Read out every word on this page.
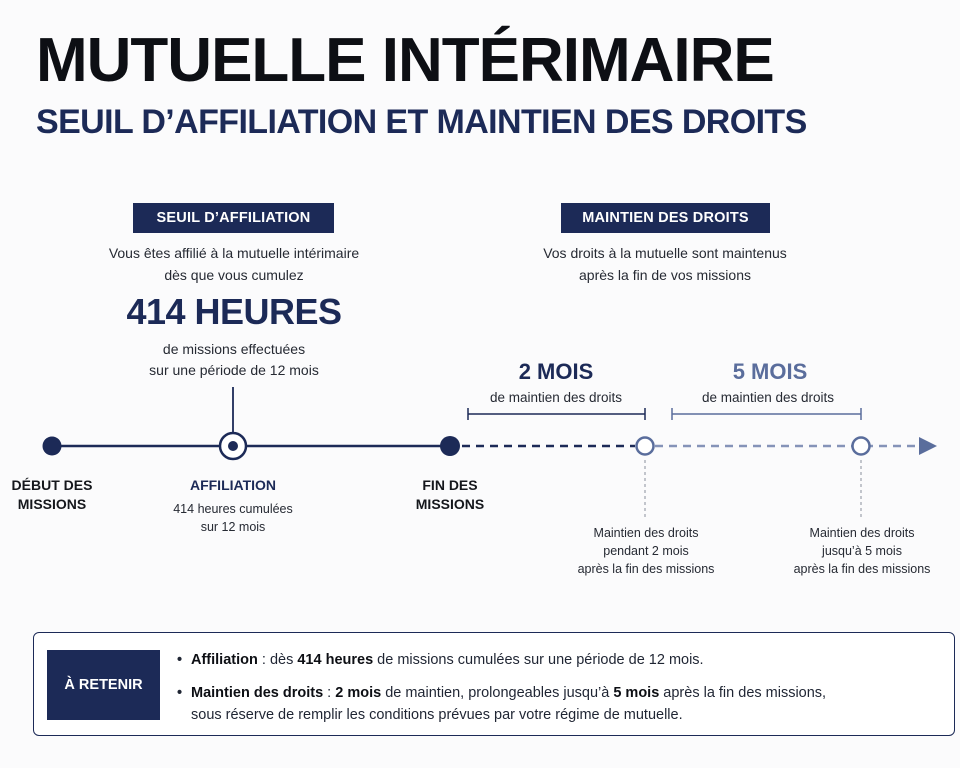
MUTUELLE INTÉRIMAIRE
SEUIL D’AFFILIATION ET MAINTIEN DES DROITS
SEUIL D’AFFILIATION
Vous êtes affilié à la mutuelle intérimaire
dès que vous cumulez
414 HEURES
de missions effectuées
sur une période de 12 mois
MAINTIEN DES DROITS
Vos droits à la mutuelle sont maintenus
après la fin de vos missions
2 MOIS
de maintien des droits
5 MOIS
de maintien des droits
DÉBUT DES
MISSIONS
AFFILIATION
414 heures cumulées
sur 12 mois
FIN DES
MISSIONS
Maintien des droits
pendant 2 mois
après la fin des missions
Maintien des droits
jusqu’à 5 mois
après la fin des missions
À RETENIR
• Affiliation : dès 414 heures de missions cumulées sur une période de 12 mois.
• Maintien des droits : 2 mois de maintien, prolongeables jusqu’à 5 mois après la fin des missions,
sous réserve de remplir les conditions prévues par votre régime de mutuelle.
